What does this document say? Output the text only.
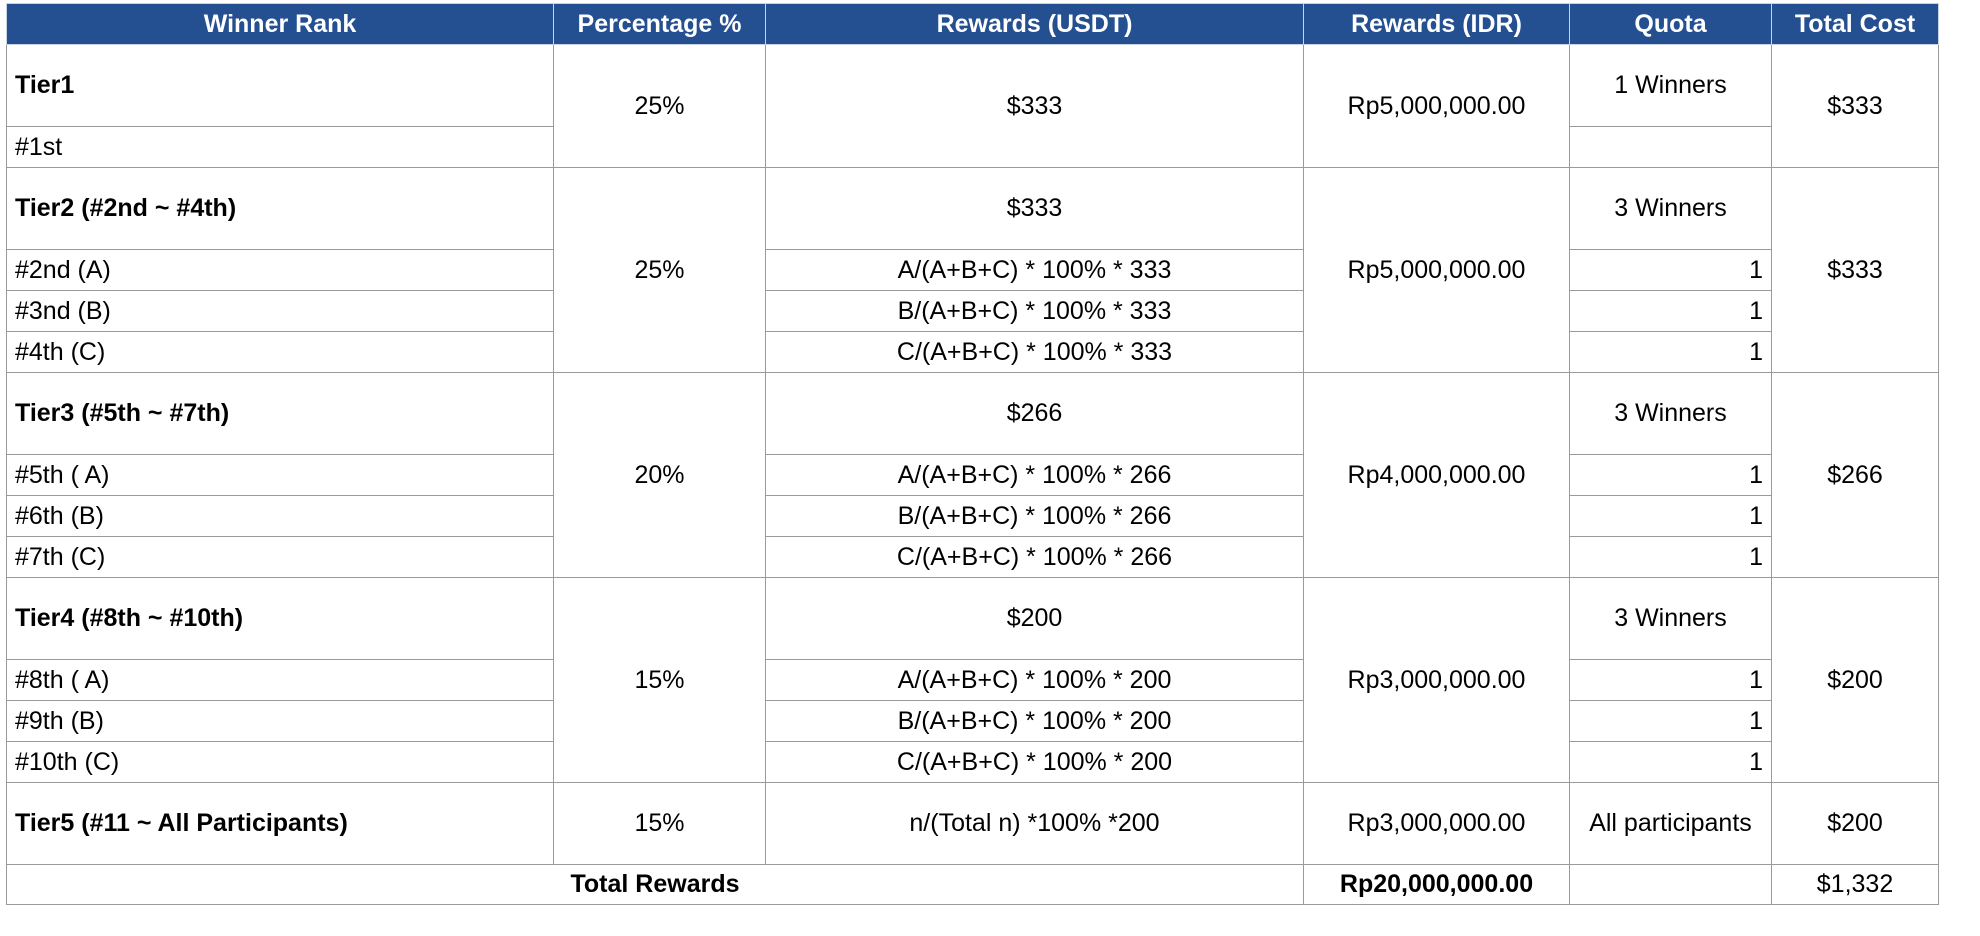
Winner Rank	Percentage %	Rewards (USDT)	Rewards (IDR)	Quota	Total Cost
Tier1	25%	$333	Rp5,000,000.00	1 Winners	$333
#1st					
Tier2 (#2nd ~ #4th)	25%	$333	Rp5,000,000.00	3 Winners	$333
#2nd (A)		A/(A+B+C) * 100% * 333		1	
#3nd (B)		B/(A+B+C) * 100% * 333		1	
#4th (C)		C/(A+B+C) * 100% * 333		1	
Tier3 (#5th ~ #7th)	20%	$266	Rp4,000,000.00	3 Winners	$266
#5th ( A)		A/(A+B+C) * 100% * 266		1	
#6th (B)		B/(A+B+C) * 100% * 266		1	
#7th (C)		C/(A+B+C) * 100% * 266		1	
Tier4 (#8th ~ #10th)	15%	$200	Rp3,000,000.00	3 Winners	$200
#8th ( A)		A/(A+B+C) * 100% * 200		1	
#9th (B)		B/(A+B+C) * 100% * 200		1	
#10th (C)		C/(A+B+C) * 100% * 200		1	
Tier5 (#11 ~ All Participants)	15%	n/(Total n) *100% *200	Rp3,000,000.00	All participants	$200
Total Rewards			Rp20,000,000.00		$1,332
